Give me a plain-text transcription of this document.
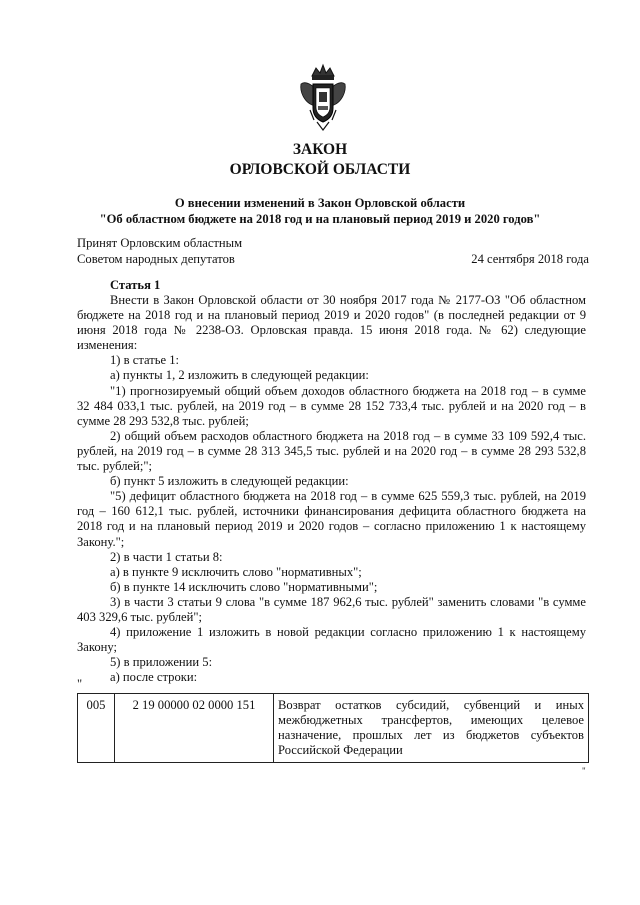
ЗАКОН
ОРЛОВСКОЙ ОБЛАСТИ
О внесении изменений в Закон Орловской области
"Об областном бюджете на 2018 год и на плановый период 2019 и 2020 годов"
Принят Орловским областным
Советом народных депутатов	24 сентября 2018 года
Статья 1

Внести в Закон Орловской области от 30 ноября 2017 года № 2177-ОЗ "Об областном бюджете на 2018 год и на плановый период 2019 и 2020 годов" (в последней редакции от 9 июня 2018 года № 2238-ОЗ. Орловская правда. 15 июня 2018 года. № 62) следующие изменения:

1) в статье 1:

а) пункты 1, 2 изложить в следующей редакции:

"1) прогнозируемый общий объем доходов областного бюджета на 2018 год – в сумме 32 484 033,1 тыс. рублей, на 2019 год – в сумме 28 152 733,4 тыс. рублей и на 2020 год – в сумме 28 293 532,8 тыс. рублей;

2) общий объем расходов областного бюджета на 2018 год – в сумме 33 109 592,4 тыс. рублей, на 2019 год – в сумме 28 313 345,5 тыс. рублей и на 2020 год – в сумме 28 293 532,8 тыс. рублей;";

б) пункт 5 изложить в следующей редакции:

"5) дефицит областного бюджета на 2018 год – в сумме 625 559,3 тыс. рублей, на 2019 год – 160 612,1 тыс. рублей, источники финансирования дефицита областного бюджета на 2018 год и на плановый период 2019 и 2020 годов – согласно приложению 1 к настоящему Закону.";

2) в части 1 статьи 8:

а) в пункте 9 исключить слово "нормативных";

б) в пункте 14 исключить слово "нормативными";

3) в части 3 статьи 9 слова "в сумме 187 962,6 тыс. рублей" заменить словами "в сумме 403 329,6 тыс. рублей";

4) приложение 1 изложить в новой редакции согласно приложению 1 к настоящему Закону;

5) в приложении 5:

а) после строки:

"
005	2 19 00000 02 0000 151	Возврат остатков субсидий, субвенций и иных межбюджетных трансфертов, имеющих целевое назначение, прошлых лет из бюджетов субъектов Российской Федерации
"
